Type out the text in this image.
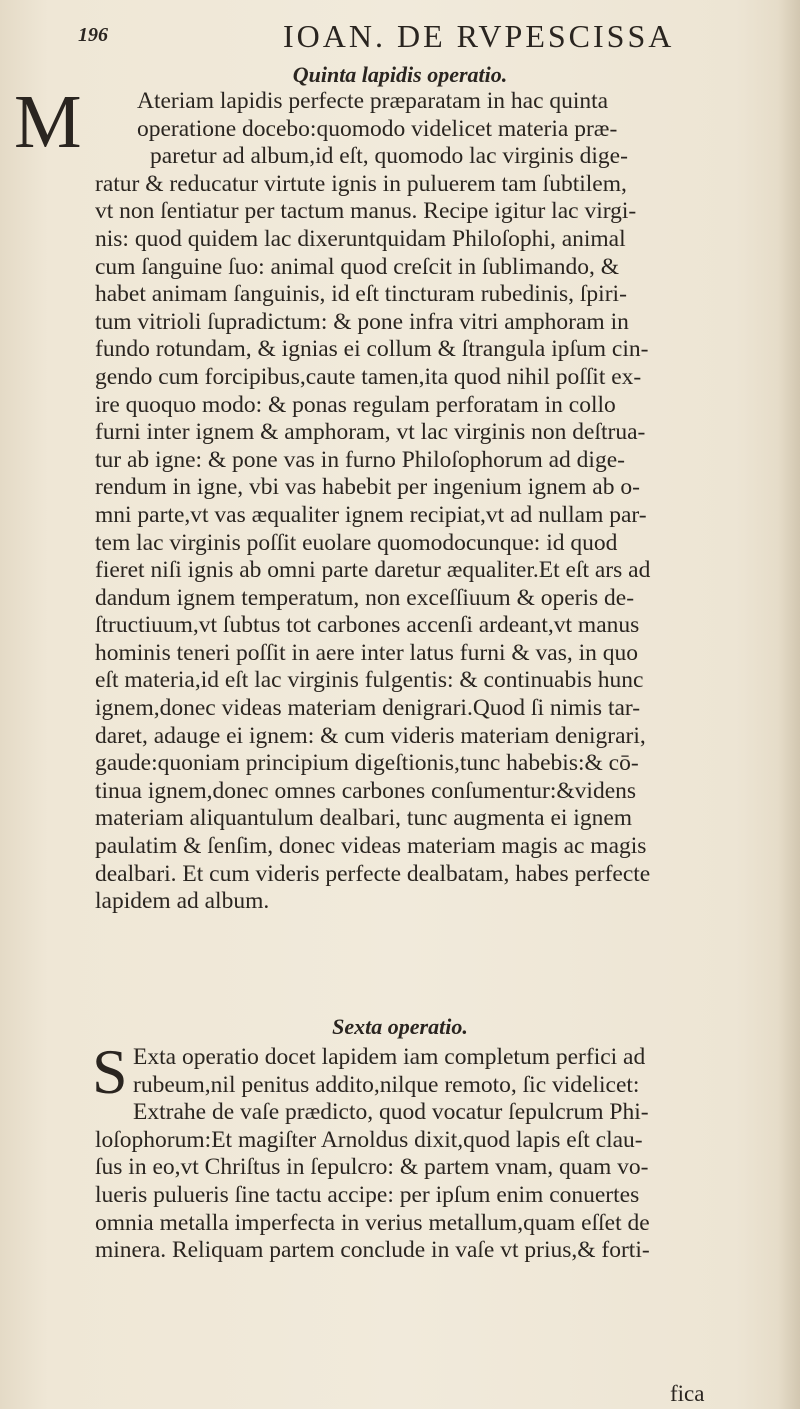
196	IOAN. DE RVPESCISSA
Quinta lapidis operatio.
M	Ateriam lapidis perfecte præparatam in hac quinta
operatione docebo:quomodo videlicet materia præ-
paretur ad album,id eſt, quomodo lac virginis dige-
ratur & reducatur virtute ignis in puluerem tam ſubtilem,
vt non ſentiatur per tactum manus. Recipe igitur lac virgi-
nis: quod quidem lac dixeruntquidam Philoſophi, animal
cum ſanguine ſuo: animal quod creſcit in ſublimando, &
habet animam ſanguinis, id eſt tincturam rubedinis, ſpiri-
tum vitrioli ſupradictum: & pone infra vitri amphoram in
fundo rotundam, & ignias ei collum & ſtrangula ipſum cin-
gendo cum forcipibus,caute tamen,ita quod nihil poſſit ex-
ire quoquo modo: & ponas regulam perforatam in collo
furni inter ignem & amphoram, vt lac virginis non deſtrua-
tur ab igne: & pone vas in furno Philoſophorum ad dige-
rendum in igne, vbi vas habebit per ingenium ignem ab o-
mni parte,vt vas æqualiter ignem recipiat,vt ad nullam par-
tem lac virginis poſſit euolare quomodocunque: id quod
fieret niſi ignis ab omni parte daretur æqualiter.Et eſt ars ad
dandum ignem temperatum, non exceſſiuum & operis de-
ſtructiuum,vt ſubtus tot carbones accenſi ardeant,vt manus
hominis teneri poſſit in aere inter latus furni & vas, in quo
eſt materia,id eſt lac virginis fulgentis: & continuabis hunc
ignem,donec videas materiam denigrari.Quod ſi nimis tar-
daret, adauge ei ignem: & cum videris materiam denigrari,
gaude:quoniam principium digeſtionis,tunc habebis:& cō-
tinua ignem,donec omnes carbones conſumentur:&videns
materiam aliquantulum dealbari, tunc augmenta ei ignem
paulatim & ſenſim, donec videas materiam magis ac magis
dealbari. Et cum videris perfecte dealbatam, habes perfecte
lapidem ad album.
Sexta operatio.
S Exta operatio docet lapidem iam completum perfici ad
rubeum,nil penitus addito,nilque remoto, ſic videlicet:
Extrahe de vaſe prædicto, quod vocatur ſepulcrum Phi-
loſophorum:Et magiſter Arnoldus dixit,quod lapis eſt clau-
ſus in eo,vt Chriſtus in ſepulcro: & partem vnam, quam vo-
lueris pulueris ſine tactu accipe: per ipſum enim conuertes
omnia metalla imperfecta in verius metallum,quam eſſet de
minera. Reliquam partem conclude in vaſe vt prius,& forti-
fica
